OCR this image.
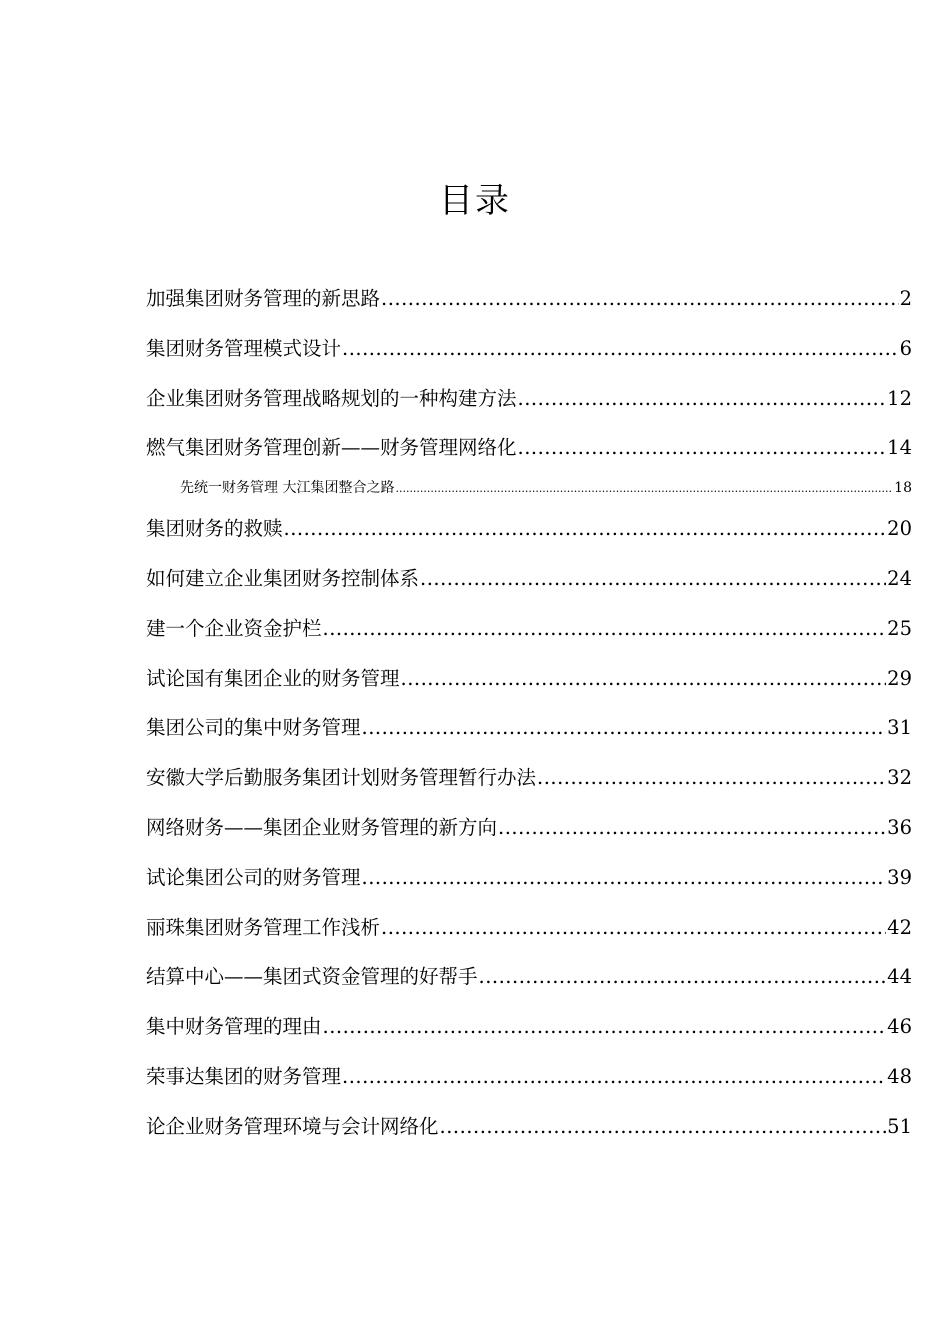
目录
加强集团财务管理的新思路 .....	2
集团财务管理模式设计 .....	6
企业集团财务管理战略规划的一种构建方法 .....	12
燃气集团财务管理创新——财务管理网络化 .....	14
先统一财务管理 大江集团整合之路 .....	18
集团财务的救赎 .....	20
如何建立企业集团财务控制体系 .....	24
建一个企业资金护栏 .....	25
试论国有集团企业的财务管理 .....	29
集团公司的集中财务管理 .....	31
安徽大学后勤服务集团计划财务管理暂行办法 .....	32
网络财务——集团企业财务管理的新方向 .....	36
试论集团公司的财务管理 .....	39
丽珠集团财务管理工作浅析 .....	42
结算中心——集团式资金管理的好帮手 .....	44
集中财务管理的理由 .....	46
荣事达集团的财务管理 .....	48
论企业财务管理环境与会计网络化 .....	51
